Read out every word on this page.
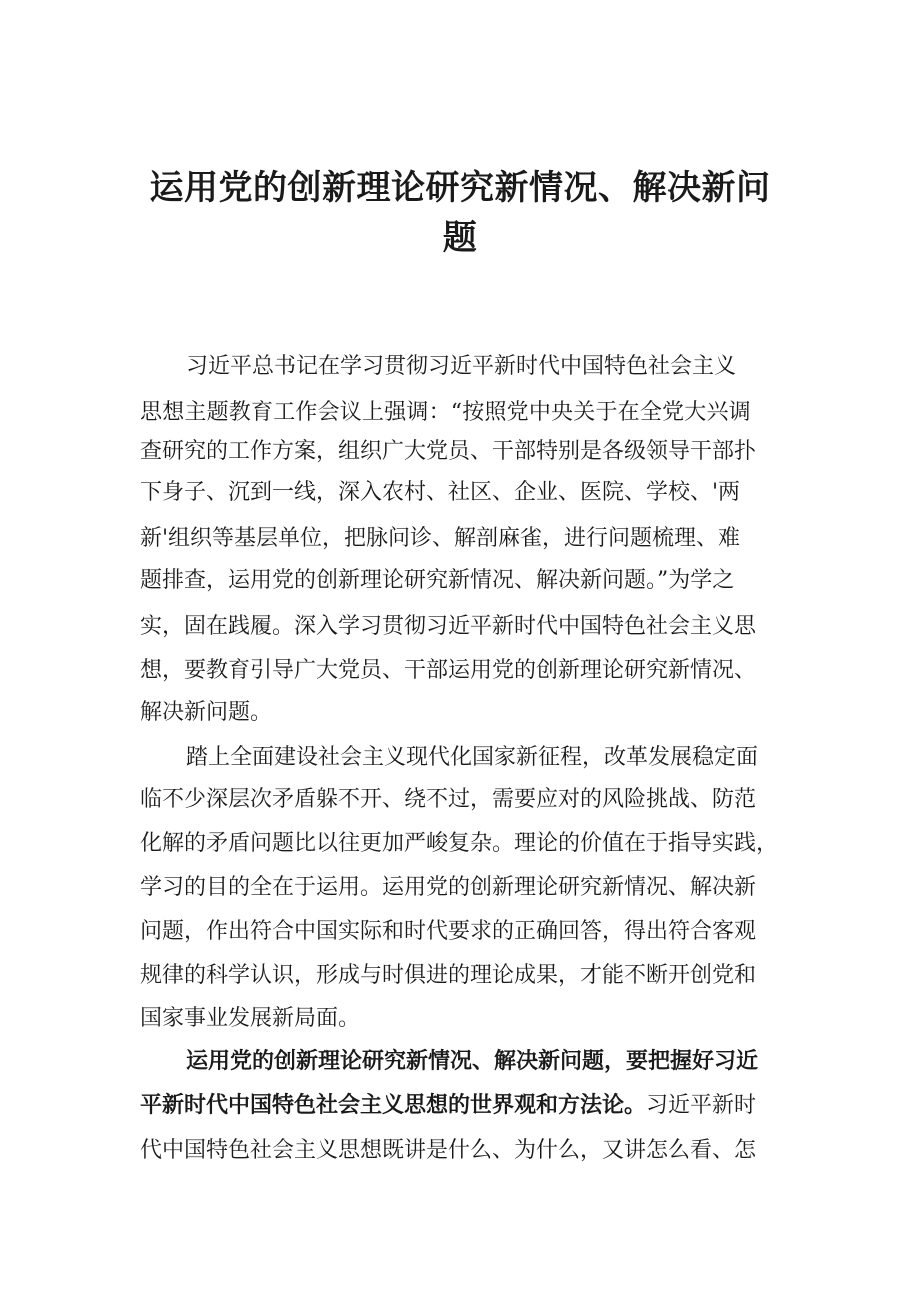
运用党的创新理论研究新情况、解决新问
题
习近平总书记在学习贯彻习近平新时代中国特色社会主义
思想主题教育工作会议上强调：“按照党中央关于在全党大兴调
查研究的工作方案，组织广大党员、干部特别是各级领导干部扑
下身子、沉到一线，深入农村、社区、企业、医院、学校、'两
新'组织等基层单位，把脉问诊、解剖麻雀，进行问题梳理、难
题排查，运用党的创新理论研究新情况、解决新问题。”为学之
实，固在践履。深入学习贯彻习近平新时代中国特色社会主义思
想，要教育引导广大党员、干部运用党的创新理论研究新情况、
解决新问题。
踏上全面建设社会主义现代化国家新征程，改革发展稳定面
临不少深层次矛盾躲不开、绕不过，需要应对的风险挑战、防范
化解的矛盾问题比以往更加严峻复杂。理论的价值在于指导实践，
学习的目的全在于运用。运用党的创新理论研究新情况、解决新
问题，作出符合中国实际和时代要求的正确回答，得出符合客观
规律的科学认识，形成与时俱进的理论成果，才能不断开创党和
国家事业发展新局面。
运用党的创新理论研究新情况、解决新问题，要把握好习近
平新时代中国特色社会主义思想的世界观和方法论。习近平新时
代中国特色社会主义思想既讲是什么、为什么，又讲怎么看、怎
